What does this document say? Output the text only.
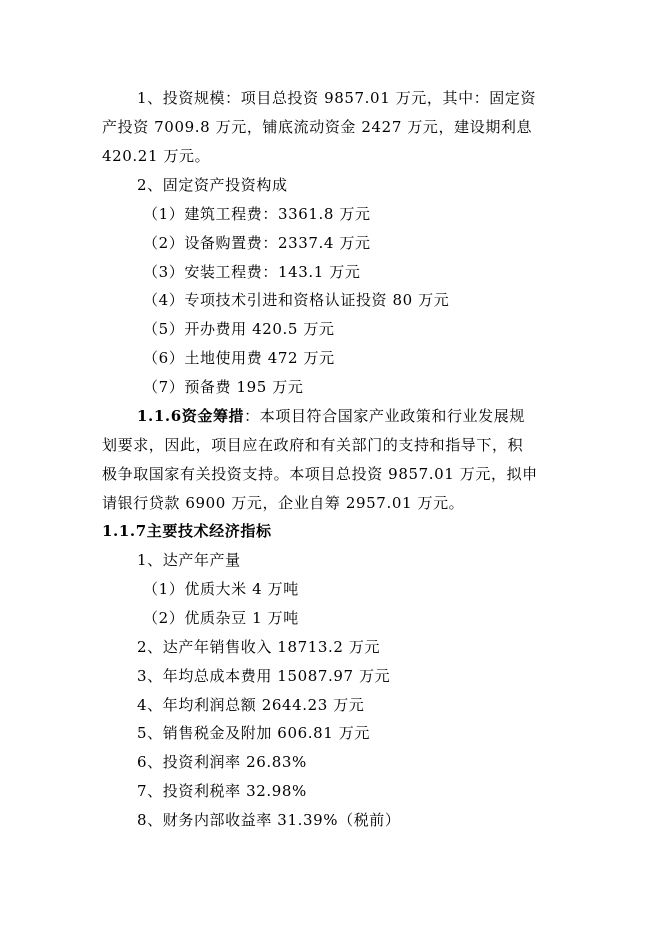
1、投资规模：项目总投资 9857.01 万元，其中：固定资
产投资 7009.8 万元，铺底流动资金 2427 万元，建设期利息
420.21 万元。
2、固定资产投资构成
（1）建筑工程费：3361.8 万元
（2）设备购置费：2337.4 万元
（3）安装工程费：143.1 万元
（4）专项技术引进和资格认证投资 80 万元
（5）开办费用 420.5 万元
（6）土地使用费 472 万元
（7）预备费 195 万元
1.1.6资金筹措：本项目符合国家产业政策和行业发展规
划要求，因此，项目应在政府和有关部门的支持和指导下，积
极争取国家有关投资支持。本项目总投资 9857.01 万元，拟申
请银行贷款 6900 万元，企业自筹 2957.01 万元。
1.1.7主要技术经济指标
1、达产年产量
（1）优质大米 4 万吨
（2）优质杂豆 1 万吨
2、达产年销售收入 18713.2 万元
3、年均总成本费用 15087.97 万元
4、年均利润总额 2644.23 万元
5、销售税金及附加 606.81 万元
6、投资利润率 26.83%
7、投资利税率 32.98%
8、财务内部收益率 31.39%（税前）
